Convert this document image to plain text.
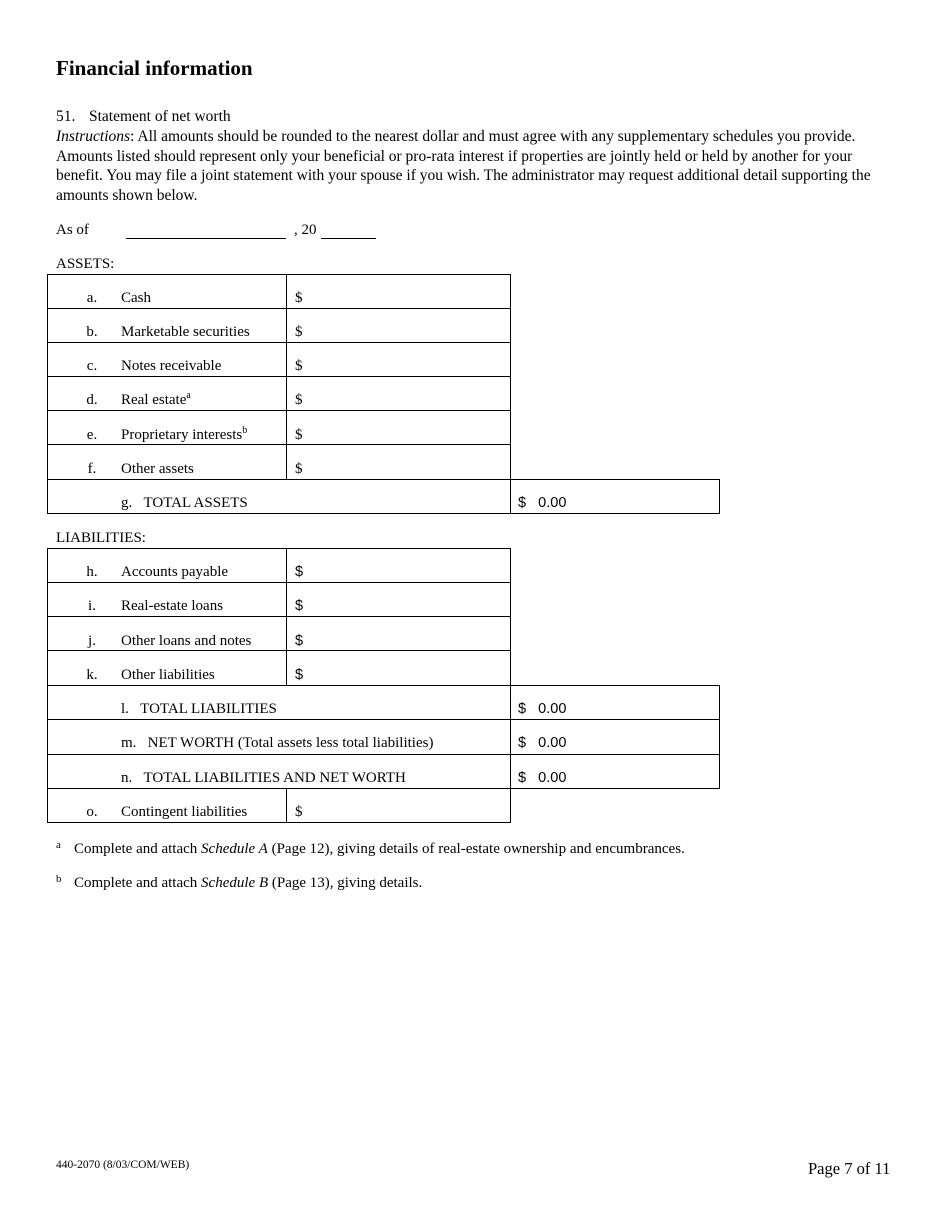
Financial information
51. Statement of net worth
Instructions: All amounts should be rounded to the nearest dollar and must agree with any supplementary schedules you provide. Amounts listed should represent only your beneficial or pro-rata interest if properties are jointly held or held by another for your benefit. You may file a joint statement with your spouse if you wish. The administrator may request additional detail supporting the amounts shown below.
As of	, 20
ASSETS:
a.	Cash	$
b.	Marketable securities	$
c.	Notes receivable	$
d.	Real estate$^a$	$
e.	Proprietary interests$^b$	$
f.	Other assets	$
g. TOTAL ASSETS	$ 0.00
LIABILITIES:
h.	Accounts payable	$
i.	Real-estate loans	$
j.	Other loans and notes	$
k.	Other liabilities	$
l. TOTAL LIABILITIES	$ 0.00
m. NET WORTH (Total assets less total liabilities)	$ 0.00
n. TOTAL LIABILITIES AND NET WORTH	$ 0.00
o.	Contingent liabilities	$
a Complete and attach Schedule A (Page 12), giving details of real-estate ownership and encumbrances.
b Complete and attach Schedule B (Page 13), giving details.
440-2070 (8/03/COM/WEB)	Page 7 of 11
